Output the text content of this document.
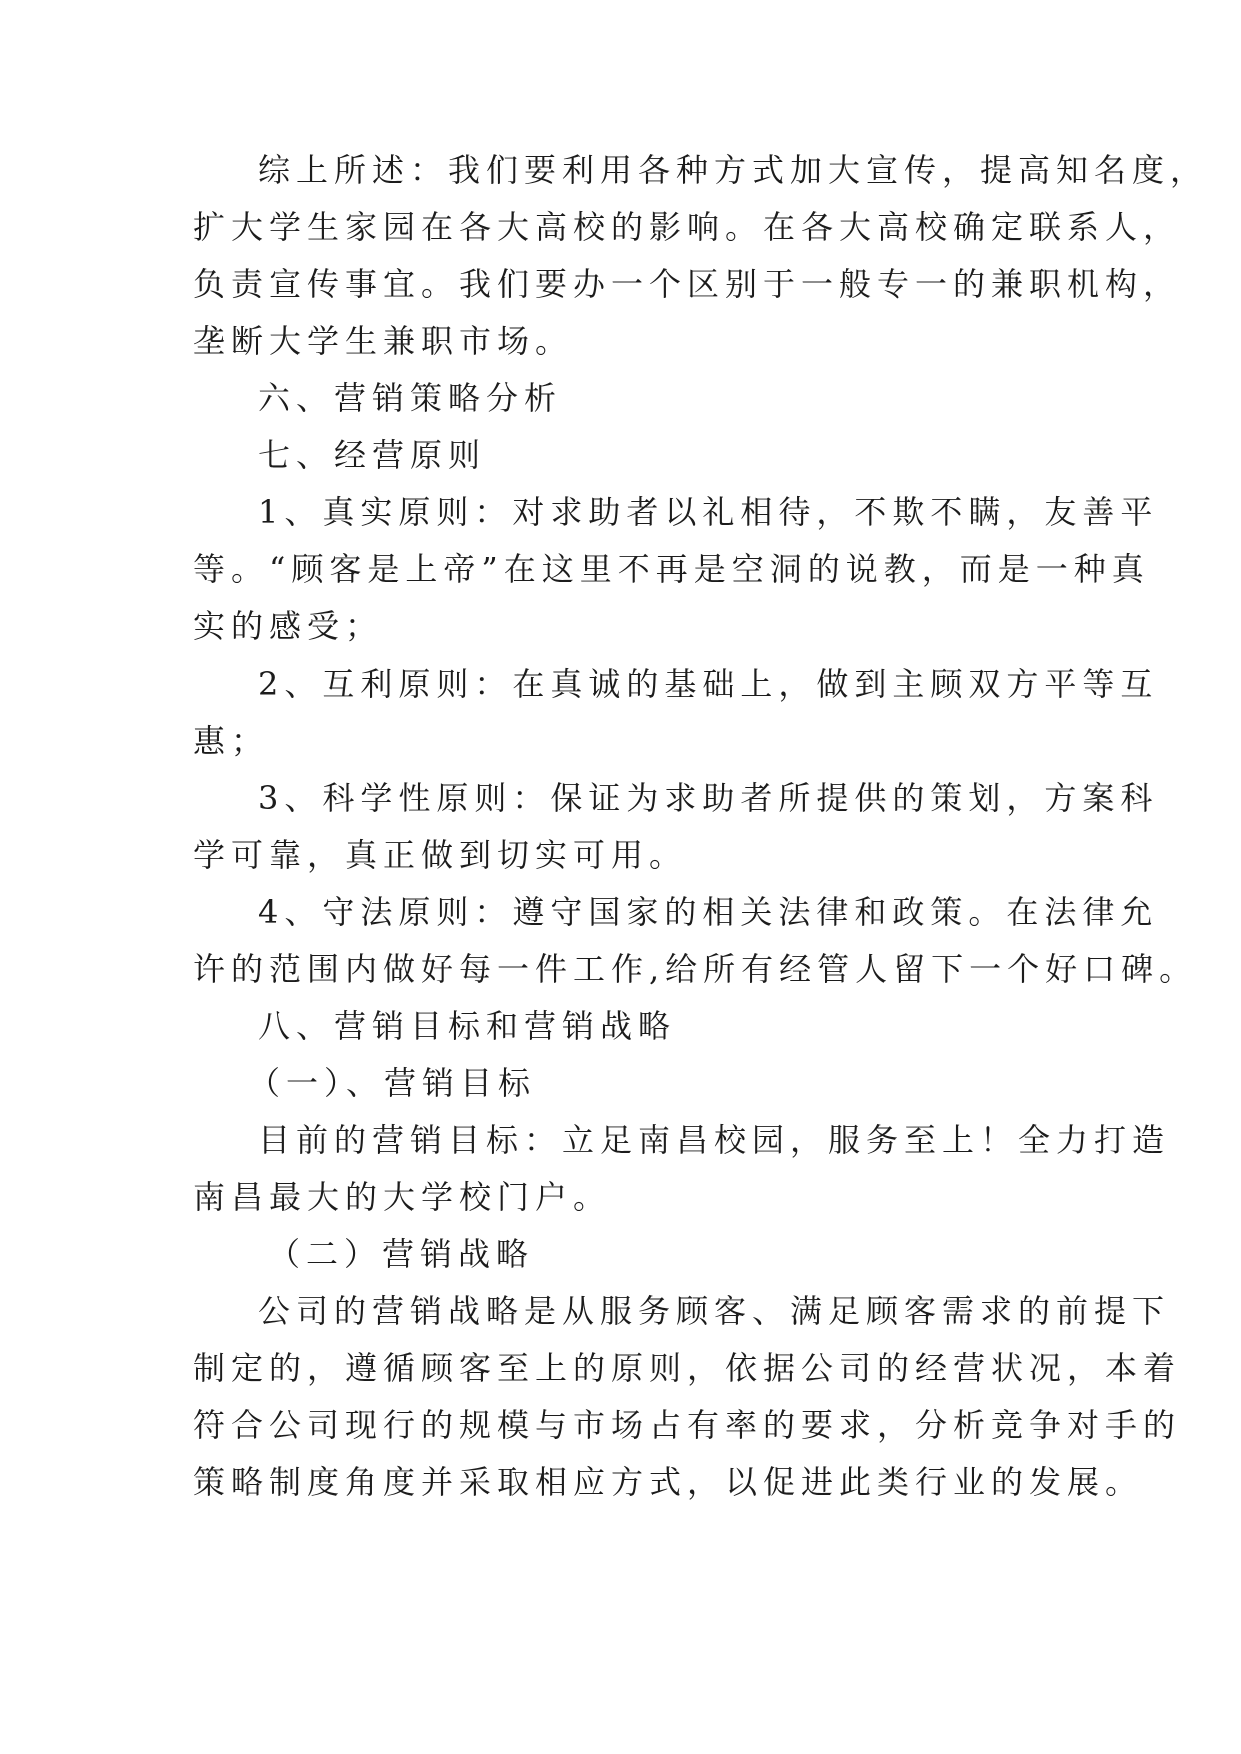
综上所述：我们要利用各种方式加大宣传，提高知名度，
扩大学生家园在各大高校的影响。在各大高校确定联系人，
负责宣传事宜。我们要办一个区别于一般专一的兼职机构，
垄断大学生兼职市场。
六、营销策略分析
七、经营原则
1、真实原则：对求助者以礼相待，不欺不瞒，友善平
等。“顾客是上帝”在这里不再是空洞的说教，而是一种真
实的感受；
2、互利原则：在真诚的基础上，做到主顾双方平等互
惠；
3、科学性原则：保证为求助者所提供的策划，方案科
学可靠，真正做到切实可用。
4、守法原则：遵守国家的相关法律和政策。在法律允
许的范围内做好每一件工作,给所有经管人留下一个好口碑。
八、营销目标和营销战略
（一）、营销目标
目前的营销目标：立足南昌校园，服务至上！全力打造
南昌最大的大学校门户。
（二）营销战略
公司的营销战略是从服务顾客、满足顾客需求的前提下
制定的，遵循顾客至上的原则，依据公司的经营状况，本着
符合公司现行的规模与市场占有率的要求，分析竞争对手的
策略制度角度并采取相应方式，以促进此类行业的发展。
